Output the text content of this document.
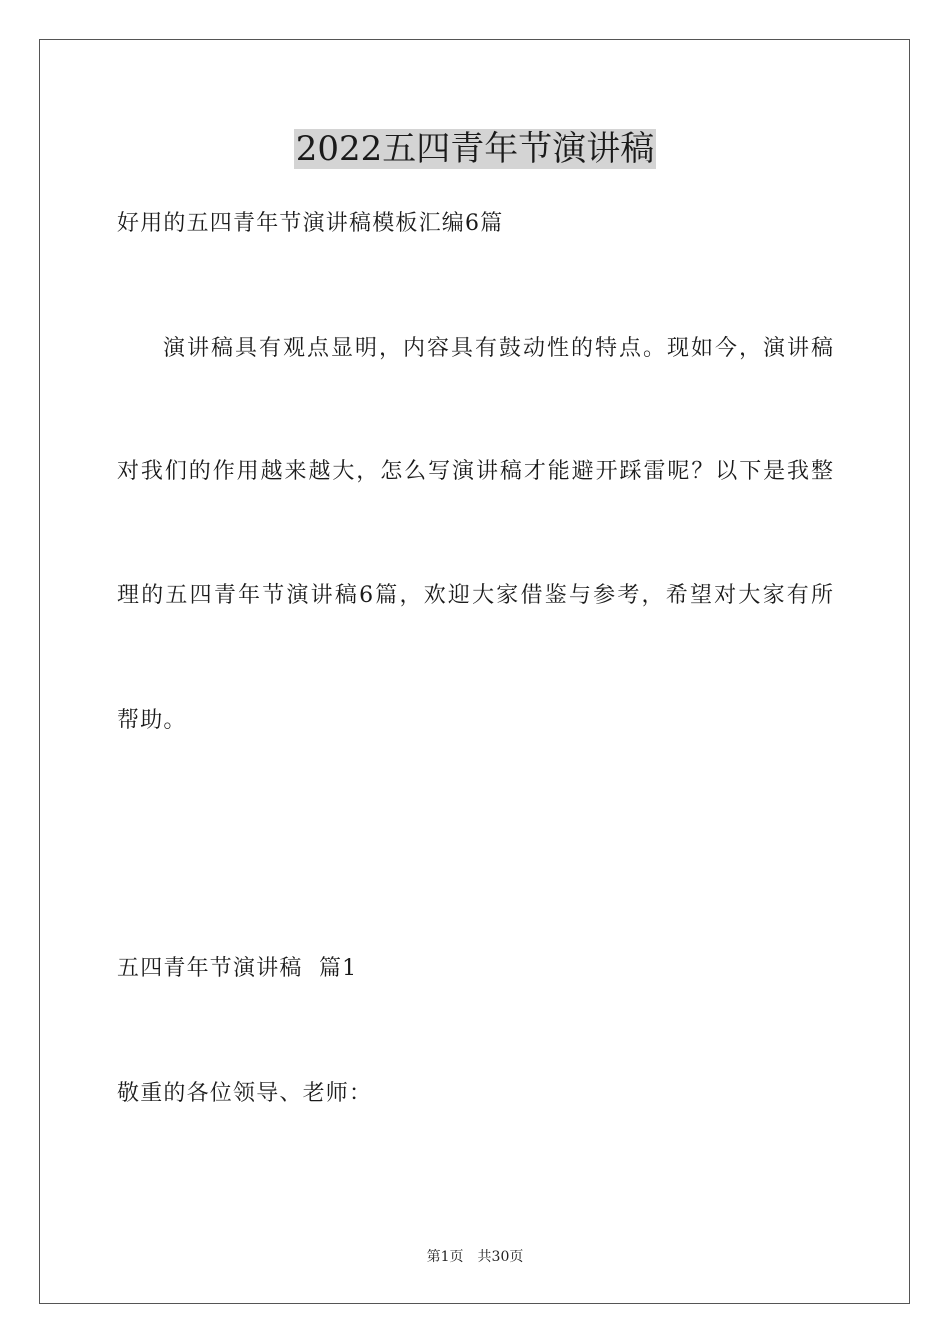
2022五四青年节演讲稿

好用的五四青年节演讲稿模板汇编6篇

演讲稿具有观点显明，内容具有鼓动性的特点。现如今，演讲稿

对我们的作用越来越大，怎么写演讲稿才能避开踩雷呢？以下是我整

理的五四青年节演讲稿6篇，欢迎大家借鉴与参考，希望对大家有所

帮助。

五四青年节演讲稿  篇1

敬重的各位领导、老师：

第1页 共30页
